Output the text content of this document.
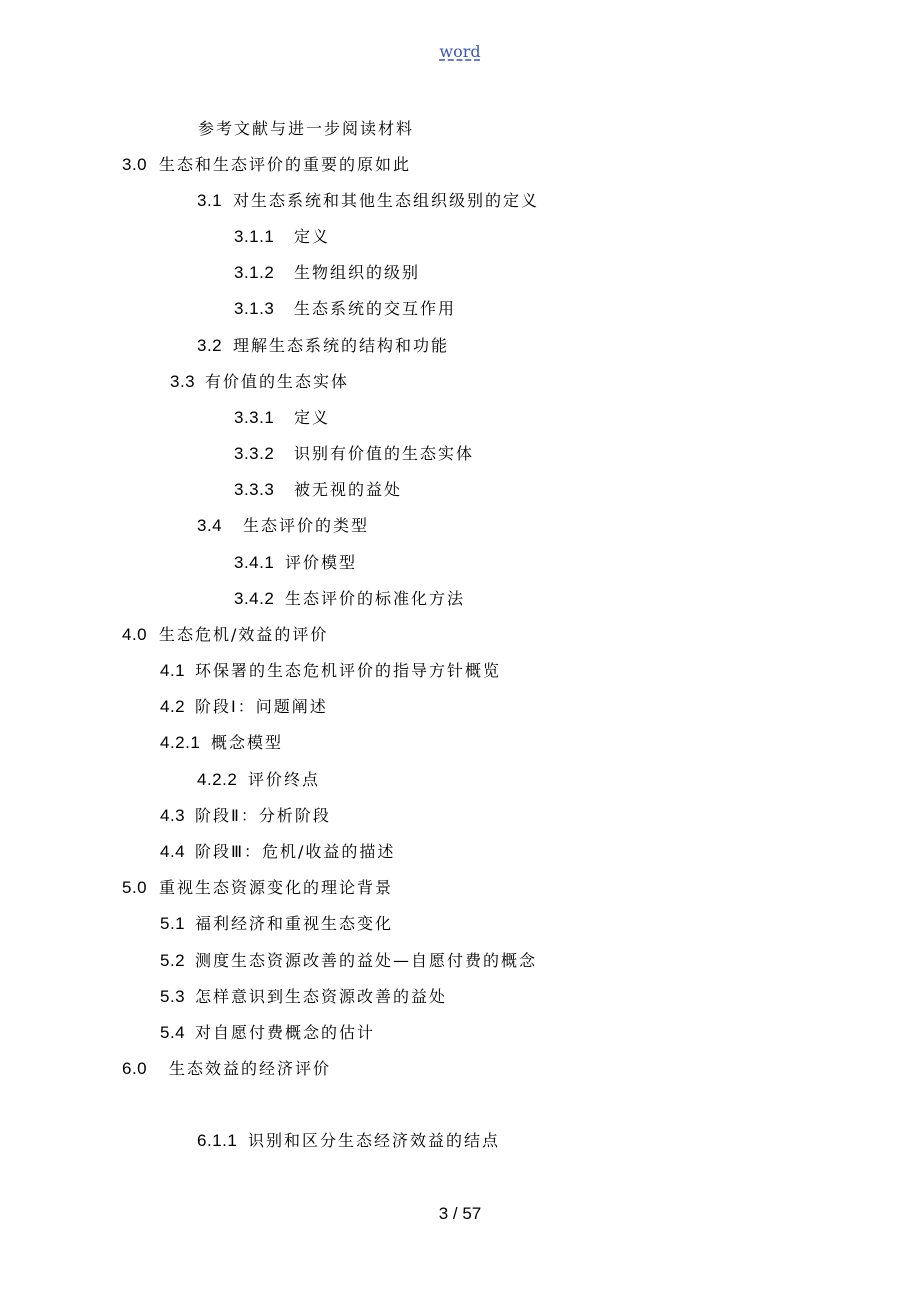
word
参考文献与进一步阅读材料
3.0 生态和生态评价的重要的原如此
3.1 对生态系统和其他生态组织级别的定义
3.1.1 定义
3.1.2 生物组织的级别
3.1.3 生态系统的交互作用
3.2 理解生态系统的结构和功能
3.3 有价值的生态实体
3.3.1 定义
3.3.2 识别有价值的生态实体
3.3.3 被无视的益处
3.4 生态评价的类型
3.4.1 评价模型
3.4.2 生态评价的标准化方法
4.0 生态危机/效益的评价
4.1 环保署的生态危机评价的指导方针概览
4.2 阶段Ⅰ：问题阐述
4.2.1 概念模型
4.2.2 评价终点
4.3 阶段Ⅱ：分析阶段
4.4 阶段Ⅲ：危机/收益的描述
5.0 重视生态资源变化的理论背景
5.1 福利经济和重视生态变化
5.2 测度生态资源改善的益处—自愿付费的概念
5.3 怎样意识到生态资源改善的益处
5.4 对自愿付费概念的估计
6.0 生态效益的经济评价
6.1.1 识别和区分生态经济效益的结点
3 / 57
